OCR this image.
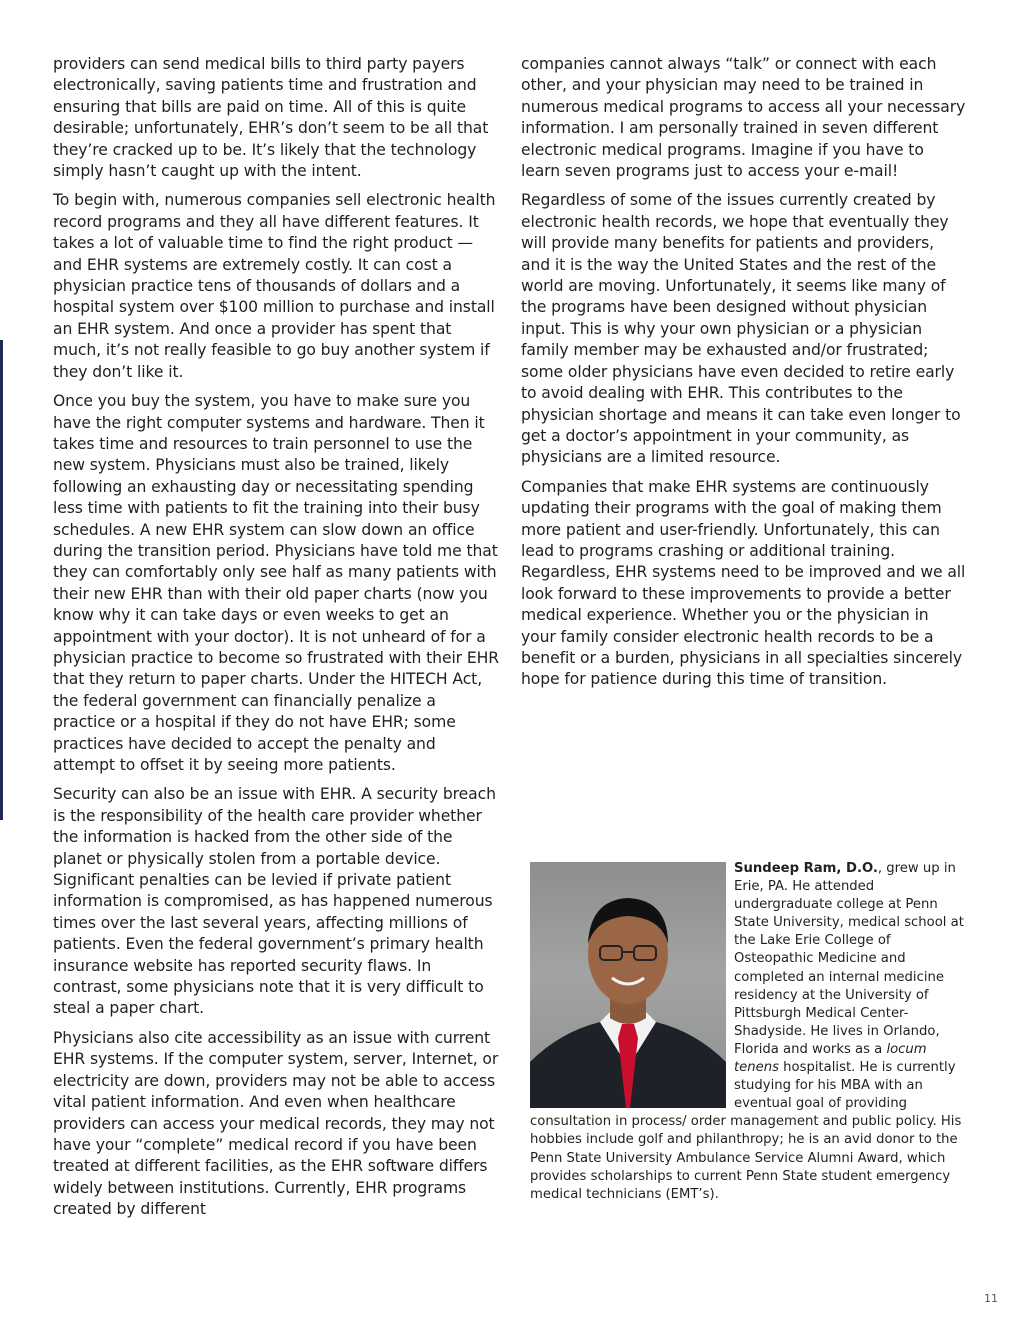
providers can send medical bills to third party payers electronically, saving patients time and frustration and ensuring that bills are paid on time. All of this is quite desirable; unfortunately, EHR’s don’t seem to be all that they’re cracked up to be. It’s likely that the technology simply hasn’t caught up with the intent.

To begin with, numerous companies sell electronic health record programs and they all have different features. It takes a lot of valuable time to find the right product — and EHR systems are extremely costly. It can cost a physician practice tens of thousands of dollars and a hospital system over $100 million to purchase and install an EHR system. And once a provider has spent that much, it’s not really feasible to go buy another system if they don’t like it.

Once you buy the system, you have to make sure you have the right computer systems and hardware. Then it takes time and resources to train personnel to use the new system. Physicians must also be trained, likely following an exhausting day or necessitating spending less time with patients to fit the training into their busy schedules. A new EHR system can slow down an office during the transition period. Physicians have told me that they can comfortably only see half as many patients with their new EHR than with their old paper charts (now you know why it can take days or even weeks to get an appointment with your doctor). It is not unheard of for a physician practice to become so frustrated with their EHR that they return to paper charts. Under the HITECH Act, the federal government can financially penalize a practice or a hospital if they do not have EHR; some practices have decided to accept the penalty and attempt to offset it by seeing more patients.

Security can also be an issue with EHR. A security breach is the responsibility of the health care provider whether the information is hacked from the other side of the planet or physically stolen from a portable device. Significant penalties can be levied if private patient information is compromised, as has happened numerous times over the last several years, affecting millions of patients. Even the federal government’s primary health insurance website has reported security flaws. In contrast, some physicians note that it is very difficult to steal a paper chart.

Physicians also cite accessibility as an issue with current EHR systems. If the computer system, server, Internet, or electricity are down, providers may not be able to access vital patient information. And even when healthcare providers can access your medical records, they may not have your “complete” medical record if you have been treated at different facilities, as the EHR software differs widely between institutions. Currently, EHR programs created by different

companies cannot always “talk” or connect with each other, and your physician may need to be trained in numerous medical programs to access all your necessary information. I am personally trained in seven different electronic medical programs. Imagine if you have to learn seven programs just to access your e-mail!

Regardless of some of the issues currently created by electronic health records, we hope that eventually they will provide many benefits for patients and providers, and it is the way the United States and the rest of the world are moving. Unfortunately, it seems like many of the programs have been designed without physician input. This is why your own physician or a physician family member may be exhausted and/or frustrated; some older physicians have even decided to retire early to avoid dealing with EHR. This contributes to the physician shortage and means it can take even longer to get a doctor’s appointment in your community, as physicians are a limited resource.

Companies that make EHR systems are continuously updating their programs with the goal of making them more patient and user-friendly. Unfortunately, this can lead to programs crashing or additional training. Regardless, EHR systems need to be improved and we all look forward to these improvements to provide a better medical experience. Whether you or the physician in your family consider electronic health records to be a benefit or a burden, physicians in all specialties sincerely hope for patience during this time of transition.

Sundeep Ram, D.O., grew up in Erie, PA. He attended undergraduate college at Penn State University, medical school at the Lake Erie College of Osteopathic Medicine and completed an internal medicine residency at the University of Pittsburgh Medical Center-Shadyside. He lives in Orlando, Florida and works as a locum tenens hospitalist. He is currently studying for his MBA with an eventual goal of providing consultation in process/ order management and public policy. His hobbies include golf and philanthropy; he is an avid donor to the Penn State University Ambulance Service Alumni Award, which provides scholarships to current Penn State student emergency medical technicians (EMT’s).
11
